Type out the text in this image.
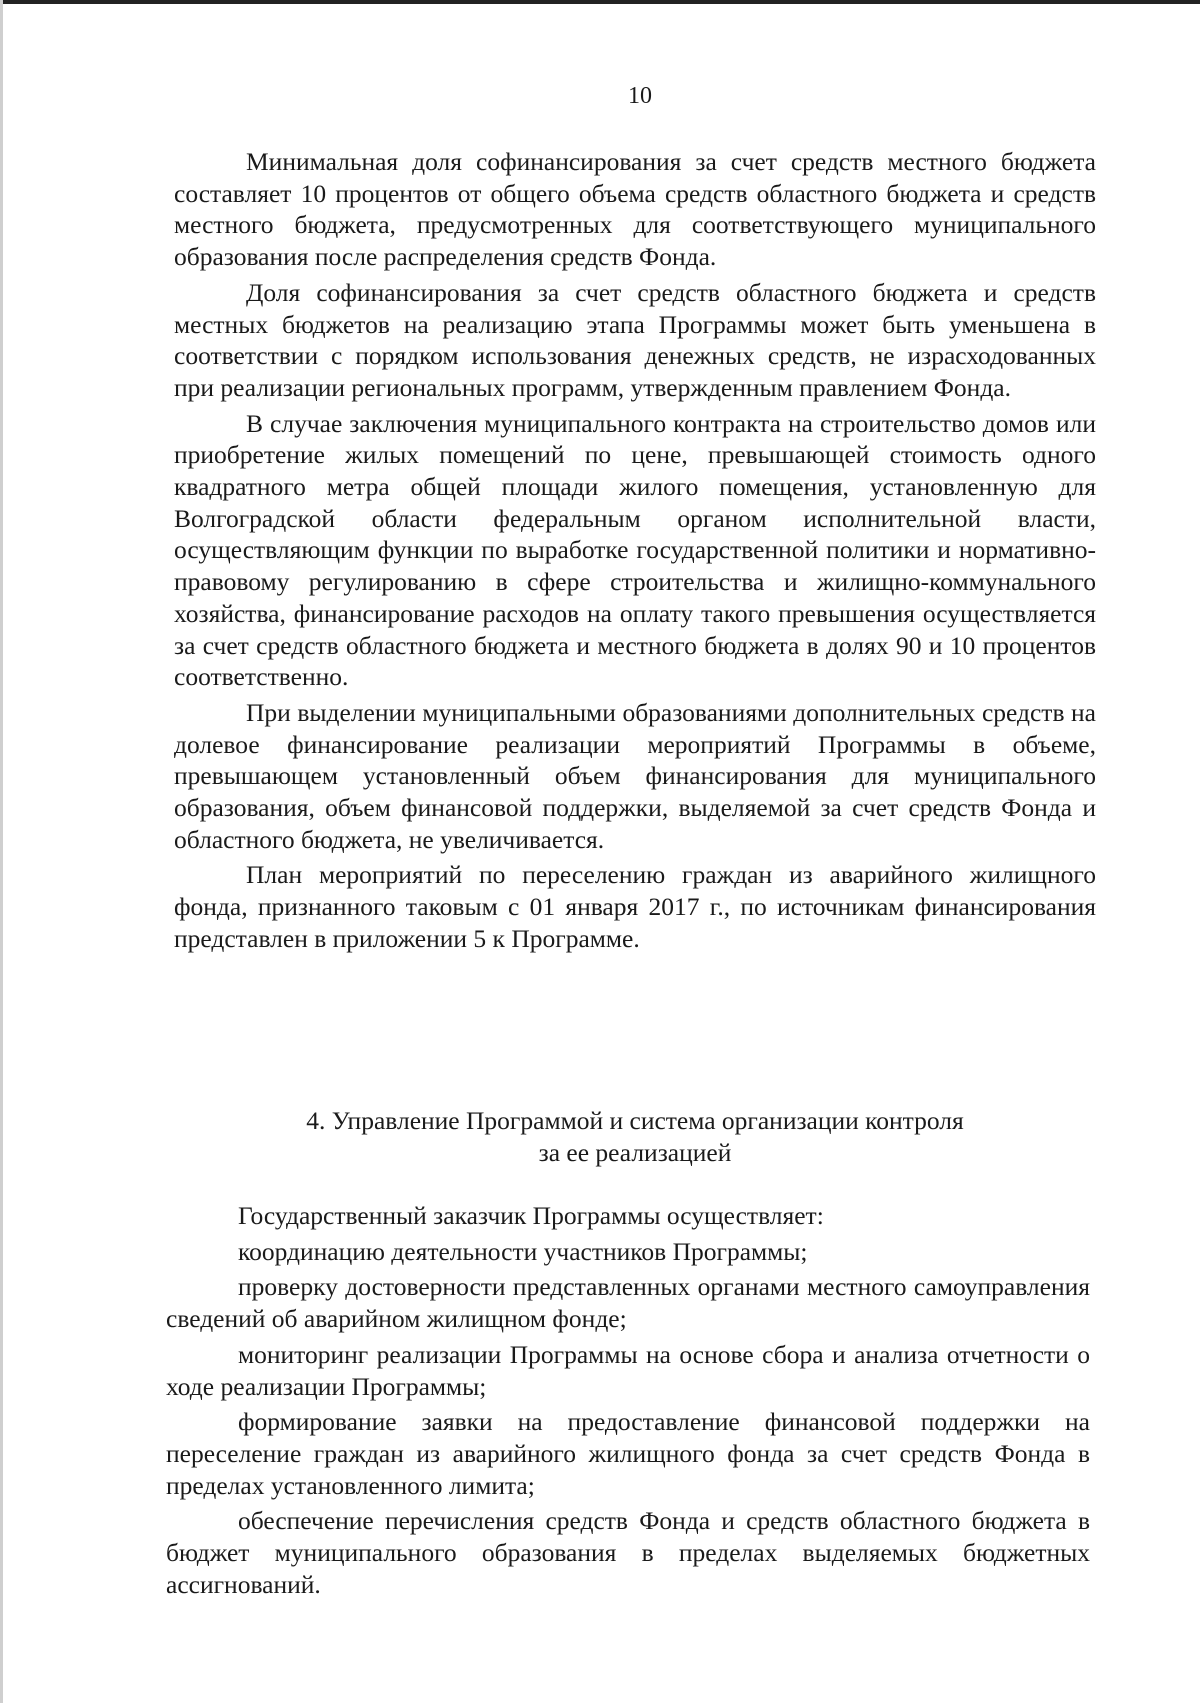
10

Минимальная доля софинансирования за счет средств местного бюджета составляет 10 процентов от общего объема средств областного бюджета и средств местного бюджета, предусмотренных для соответствующего муниципального образования после распределения средств Фонда.

Доля софинансирования за счет средств областного бюджета и средств местных бюджетов на реализацию этапа Программы может быть уменьшена в соответствии с порядком использования денежных средств, не израсходованных при реализации региональных программ, утвержденным правлением Фонда.

В случае заключения муниципального контракта на строительство домов или приобретение жилых помещений по цене, превышающей стоимость одного квадратного метра общей площади жилого помещения, установленную для Волгоградской области федеральным органом исполнительной власти, осуществляющим функции по выработке государственной политики и нормативно-правовому регулированию в сфере строительства и жилищно-коммунального хозяйства, финансирование расходов на оплату такого превышения осуществляется за счет средств областного бюджета и местного бюджета в долях 90 и 10 процентов соответственно.

При выделении муниципальными образованиями дополнительных средств на долевое финансирование реализации мероприятий Программы в объеме, превышающем установленный объем финансирования для муниципального образования, объем финансовой поддержки, выделяемой за счет средств Фонда и областного бюджета, не увеличивается.

План мероприятий по переселению граждан из аварийного жилищного фонда, признанного таковым с 01 января 2017 г., по источникам финансирования представлен в приложении 5 к Программе.

4. Управление Программой и система организации контроля
за ее реализацией

Государственный заказчик Программы осуществляет:

координацию деятельности участников Программы;

проверку достоверности представленных органами местного самоуправления сведений об аварийном жилищном фонде;

мониторинг реализации Программы на основе сбора и анализа отчетности о ходе реализации Программы;

формирование заявки на предоставление финансовой поддержки на переселение граждан из аварийного жилищного фонда за счет средств Фонда в пределах установленного лимита;

обеспечение перечисления средств Фонда и средств областного бюджета в бюджет муниципального образования в пределах выделяемых бюджетных ассигнований.
